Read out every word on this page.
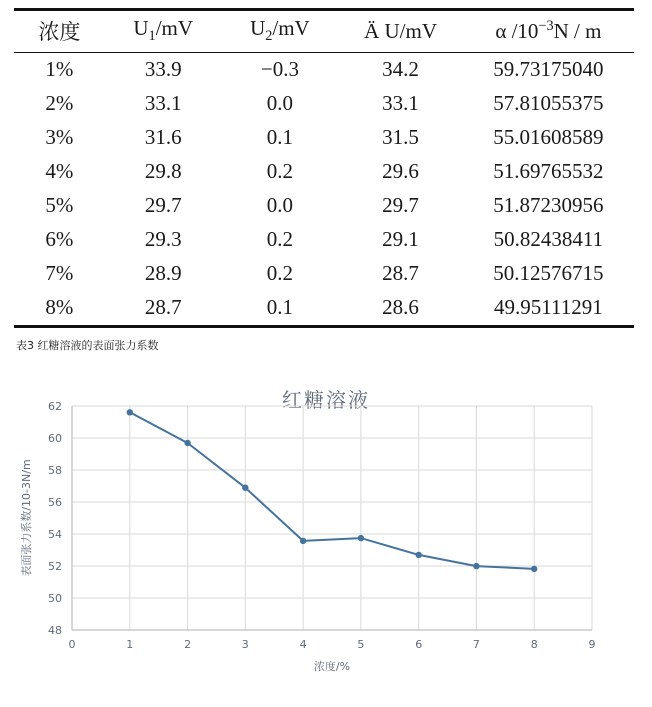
浓度	$U_1/mV$	$U_2/mV$	Ä U/mV	α $/10^{-3}N$ / m
1%	33.9	−0.3	34.2	59.73175040
2%	33.1	0.0	33.1	57.81055375
3%	31.6	0.1	31.5	55.01608589
4%	29.8	0.2	29.6	51.69765532
5%	29.7	0.0	29.7	51.87230956
6%	29.3	0.2	29.1	50.82438411
7%	28.9	0.2	28.7	50.12576715
8%	28.7	0.1	28.6	49.95111291
表3 红糖溶液的表面张力系数
红糖溶液
48
50
52
54
56
58
60
62
0	1	2	3	4	5	6	7	8	9
浓度/%
表面张力系数/10-3N/m
